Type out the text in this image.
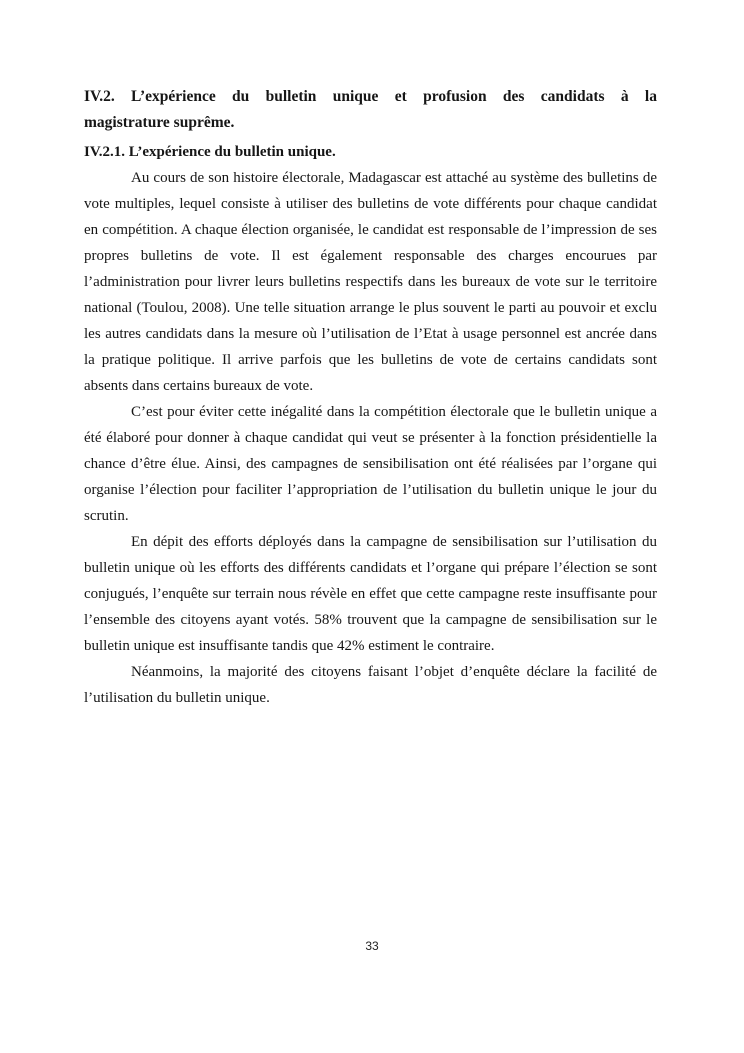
IV.2. L’expérience du bulletin unique et profusion des candidats à la
magistrature suprême.
IV.2.1. L’expérience du bulletin unique.

Au cours de son histoire électorale, Madagascar est attaché au système des bulletins de vote multiples, lequel consiste à utiliser des bulletins de vote différents pour chaque candidat en compétition. A chaque élection organisée, le candidat est responsable de l’impression de ses propres bulletins de vote. Il est également responsable des charges encourues par l’administration pour livrer leurs bulletins respectifs dans les bureaux de vote sur le territoire national (Toulou, 2008). Une telle situation arrange le plus souvent le parti au pouvoir et exclu les autres candidats dans la mesure où l’utilisation de l’Etat à usage personnel est ancrée dans la pratique politique. Il arrive parfois que les bulletins de vote de certains candidats sont absents dans certains bureaux de vote.

C’est pour éviter cette inégalité dans la compétition électorale que le bulletin unique a été élaboré pour donner à chaque candidat qui veut se présenter à la fonction présidentielle la chance d’être élue. Ainsi, des campagnes de sensibilisation ont été réalisées par l’organe qui organise l’élection pour faciliter l’appropriation de l’utilisation du bulletin unique le jour du scrutin.

En dépit des efforts déployés dans la campagne de sensibilisation sur l’utilisation du bulletin unique où les efforts des différents candidats et l’organe qui prépare l’élection se sont conjugués, l’enquête sur terrain nous révèle en effet que cette campagne reste insuffisante pour l’ensemble des citoyens ayant votés. 58% trouvent que la campagne de sensibilisation sur le bulletin unique est insuffisante tandis que 42% estiment le contraire.

Néanmoins, la majorité des citoyens faisant l’objet d’enquête déclare la facilité de l’utilisation du bulletin unique.

33
